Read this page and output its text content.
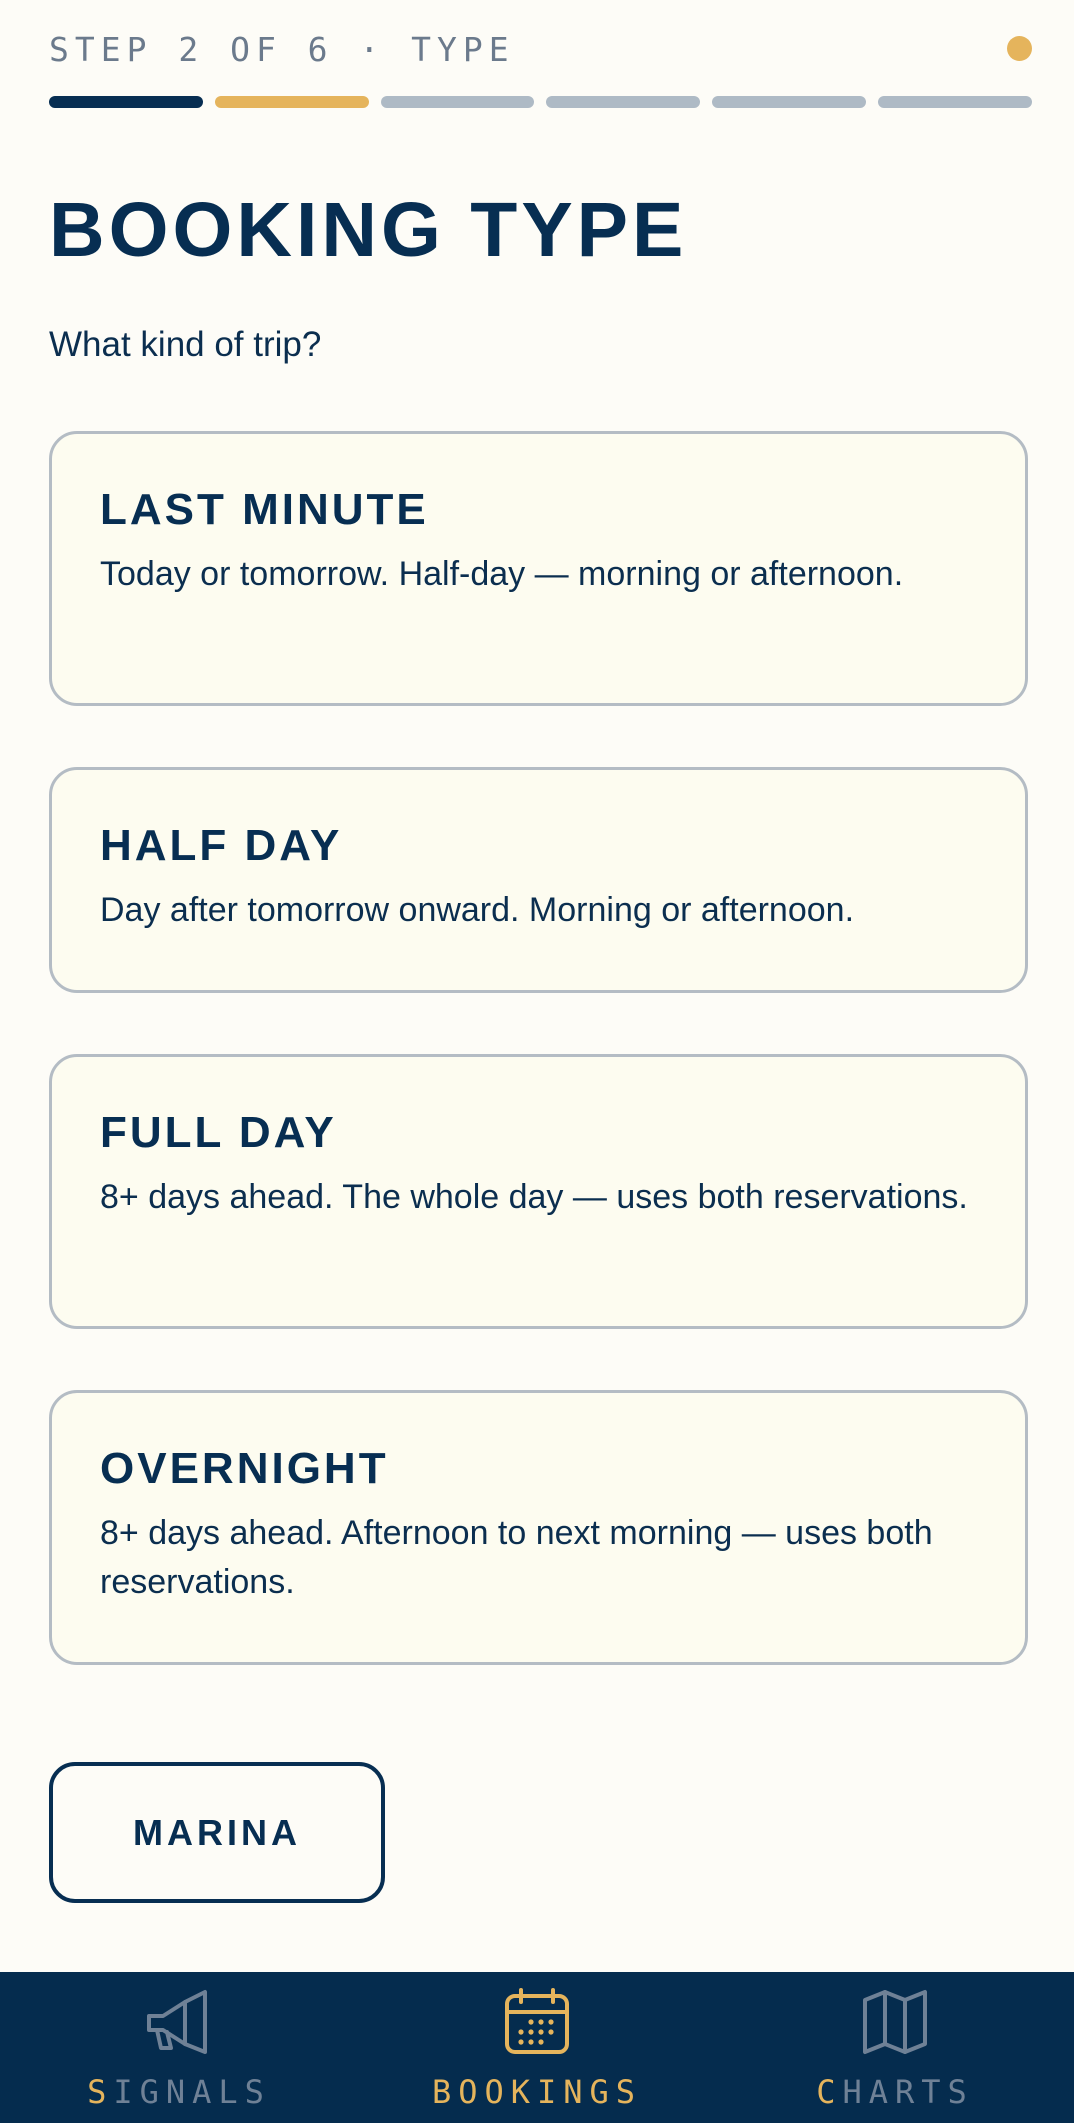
STEP 2 OF 6 · TYPE
BOOKING TYPE
What kind of trip?
LAST MINUTE
Today or tomorrow. Half-day — morning or afternoon.
HALF DAY
Day after tomorrow onward. Morning or afternoon.
FULL DAY
8+ days ahead. The whole day — uses both reservations.
OVERNIGHT
8+ days ahead. Afternoon to next morning — uses both reservations.
MARINA
SIGNALS	BOOKINGS	CHARTS
